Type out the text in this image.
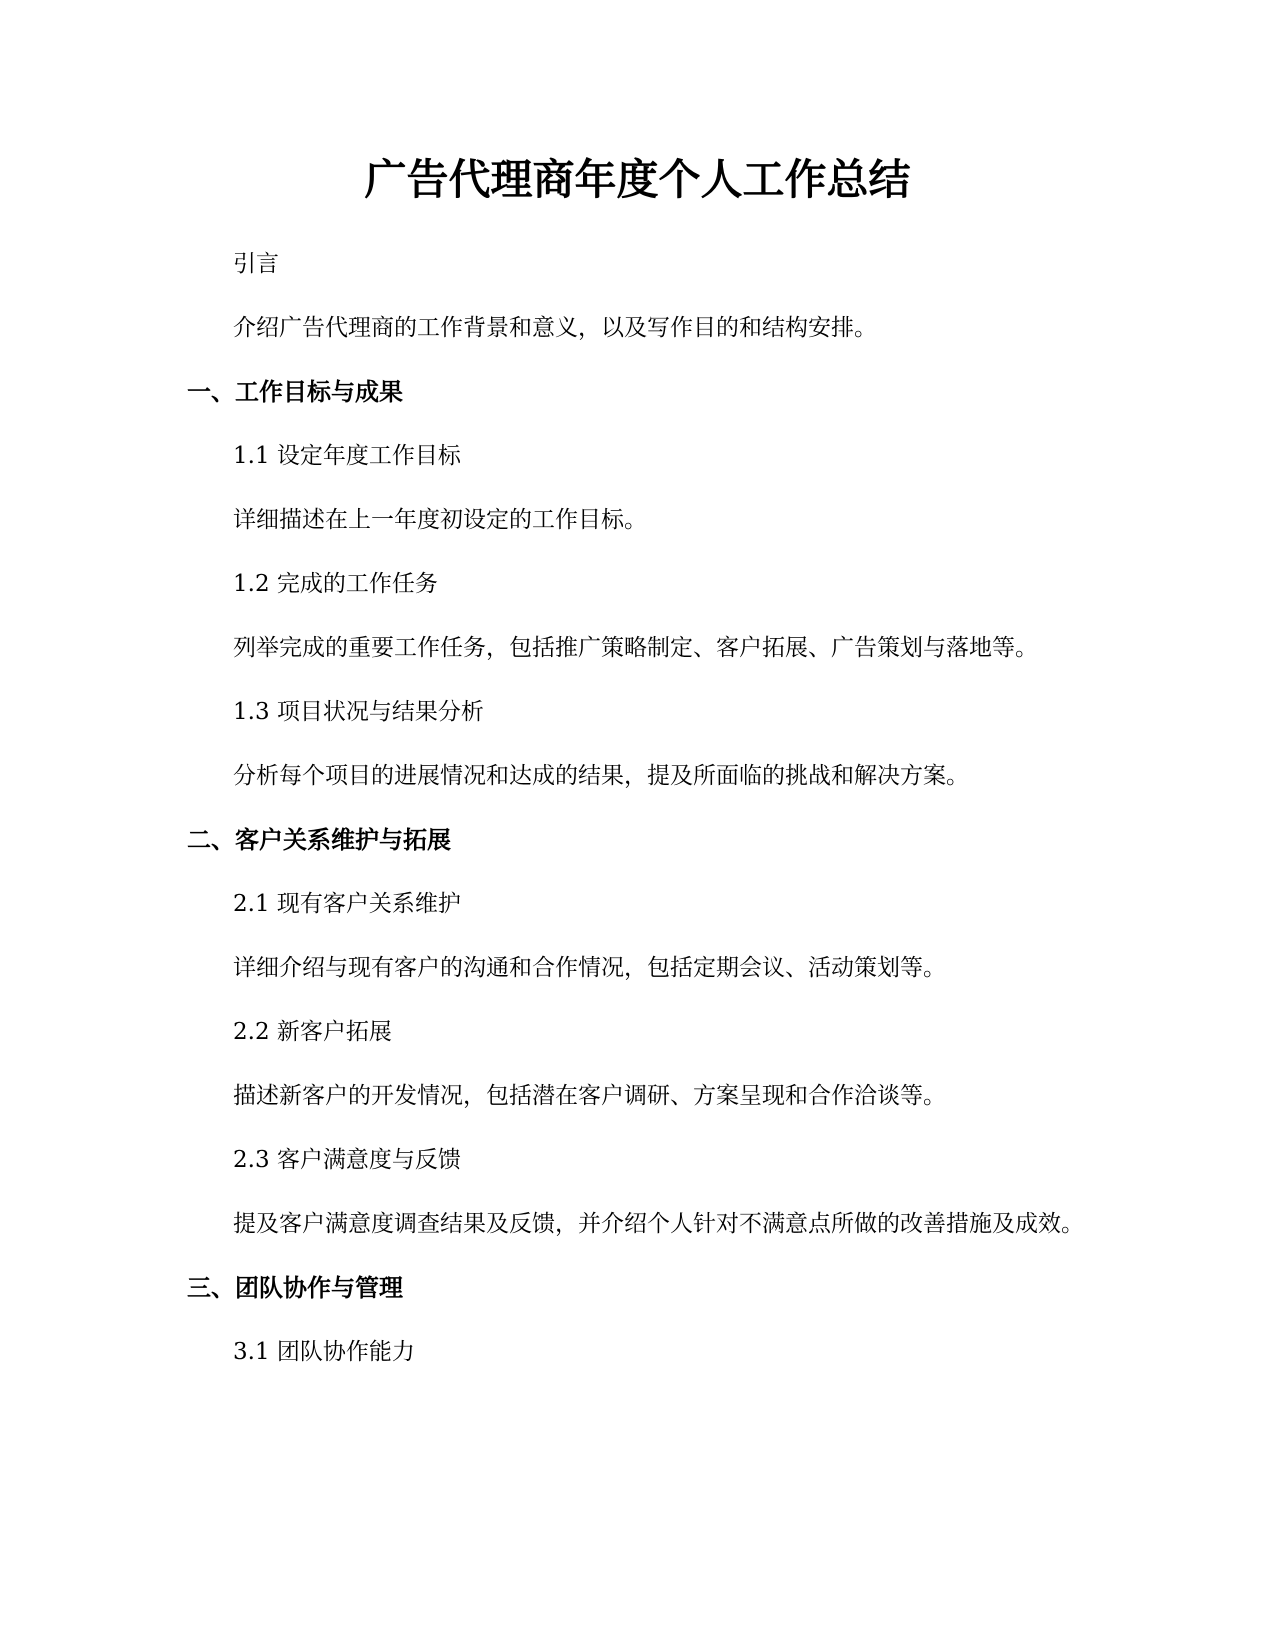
广告代理商年度个人工作总结

引言

介绍广告代理商的工作背景和意义，以及写作目的和结构安排。

一、工作目标与成果

1.1 设定年度工作目标

详细描述在上一年度初设定的工作目标。

1.2 完成的工作任务

列举完成的重要工作任务，包括推广策略制定、客户拓展、广告策划与落地等。

1.3 项目状况与结果分析

分析每个项目的进展情况和达成的结果，提及所面临的挑战和解决方案。

二、客户关系维护与拓展

2.1 现有客户关系维护

详细介绍与现有客户的沟通和合作情况，包括定期会议、活动策划等。

2.2 新客户拓展

描述新客户的开发情况，包括潜在客户调研、方案呈现和合作洽谈等。

2.3 客户满意度与反馈

提及客户满意度调查结果及反馈，并介绍个人针对不满意点所做的改善措施及成效。

三、团队协作与管理

3.1 团队协作能力
